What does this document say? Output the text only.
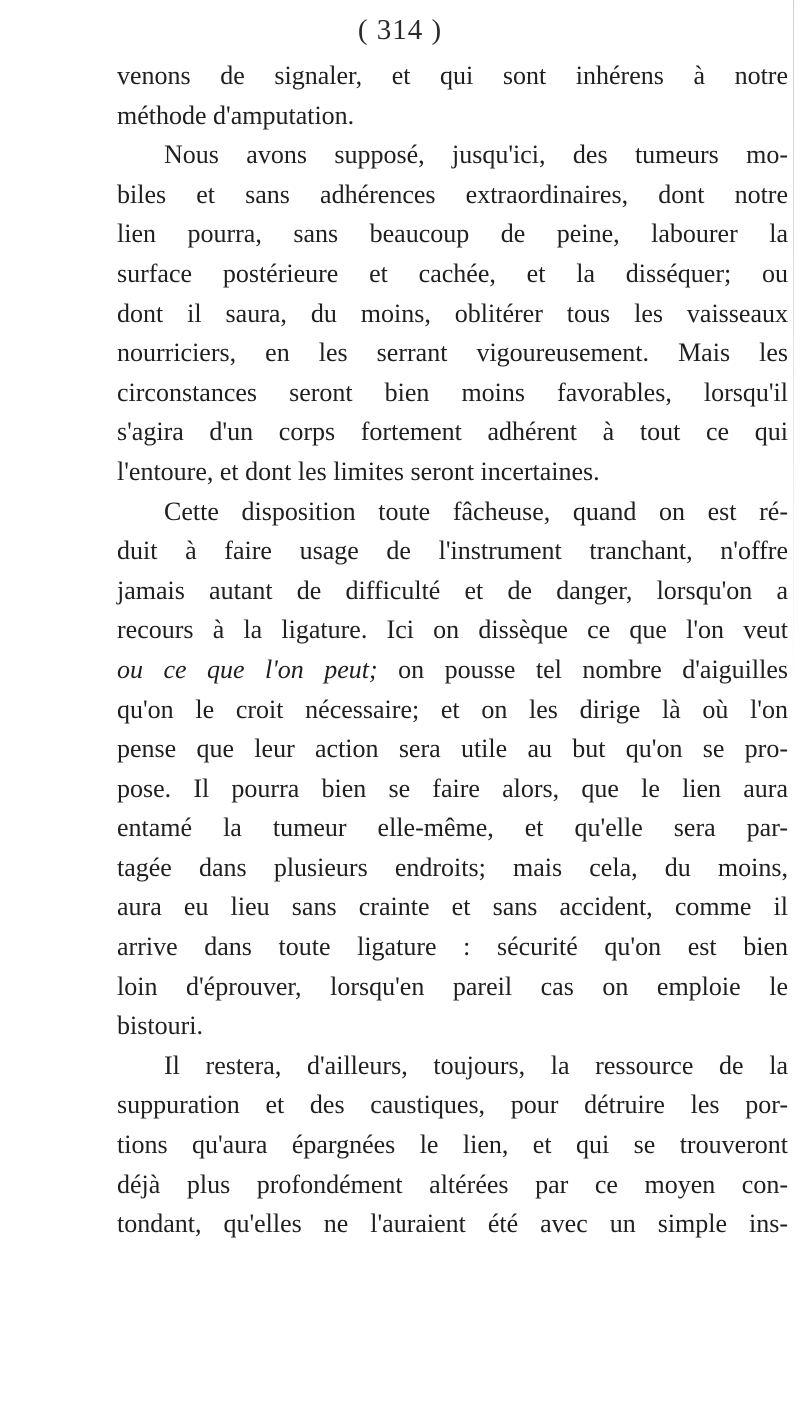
( 314 )
venons de signaler, et qui sont inhérens à notre
méthode d'amputation.
Nous avons supposé, jusqu'ici, des tumeurs mo-
biles et sans adhérences extraordinaires, dont notre
lien pourra, sans beaucoup de peine, labourer la
surface postérieure et cachée, et la disséquer; ou
dont il saura, du moins, oblitérer tous les vaisseaux
nourriciers, en les serrant vigoureusement. Mais les
circonstances seront bien moins favorables, lorsqu'il
s'agira d'un corps fortement adhérent à tout ce qui
l'entoure, et dont les limites seront incertaines.
Cette disposition toute fâcheuse, quand on est ré-
duit à faire usage de l'instrument tranchant, n'offre
jamais autant de difficulté et de danger, lorsqu'on a
recours à la ligature. Ici on dissèque ce que l'on veut
ou ce que l'on peut; on pousse tel nombre d'aiguilles
qu'on le croit nécessaire; et on les dirige là où l'on
pense que leur action sera utile au but qu'on se pro-
pose. Il pourra bien se faire alors, que le lien aura
entamé la tumeur elle-même, et qu'elle sera par-
tagée dans plusieurs endroits; mais cela, du moins,
aura eu lieu sans crainte et sans accident, comme il
arrive dans toute ligature : sécurité qu'on est bien
loin d'éprouver, lorsqu'en pareil cas on emploie le
bistouri.
Il restera, d'ailleurs, toujours, la ressource de la
suppuration et des caustiques, pour détruire les por-
tions qu'aura épargnées le lien, et qui se trouveront
déjà plus profondément altérées par ce moyen con-
tondant, qu'elles ne l'auraient été avec un simple ins-
